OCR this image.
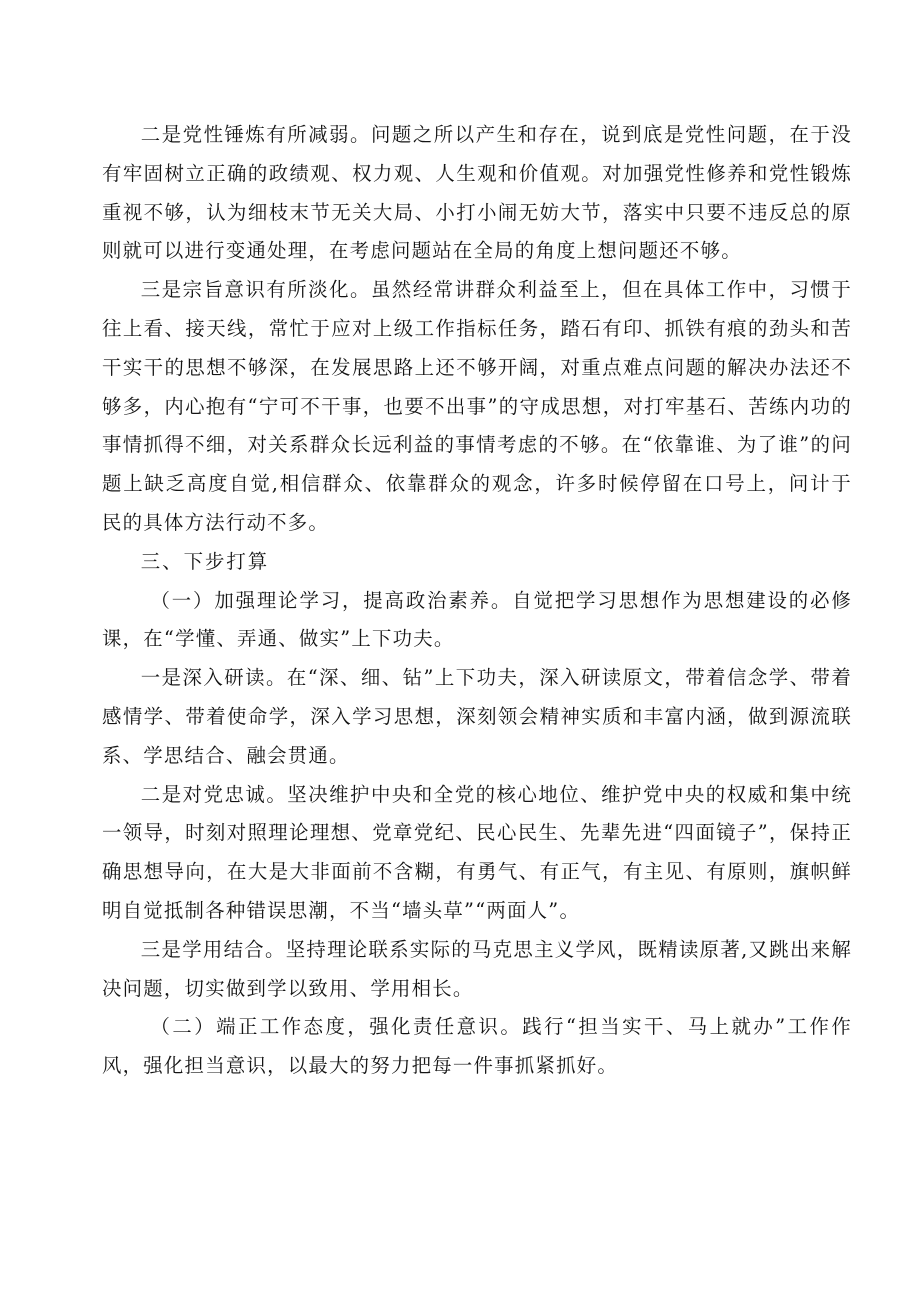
二是党性锤炼有所减弱。问题之所以产生和存在，说到底是党性问题，在于没有牢固树立正确的政绩观、权力观、人生观和价值观。对加强党性修养和党性锻炼重视不够，认为细枝末节无关大局、小打小闹无妨大节，落实中只要不违反总的原则就可以进行变通处理，在考虑问题站在全局的角度上想问题还不够。

三是宗旨意识有所淡化。虽然经常讲群众利益至上，但在具体工作中，习惯于往上看、接天线，常忙于应对上级工作指标任务，踏石有印、抓铁有痕的劲头和苦干实干的思想不够深，在发展思路上还不够开阔，对重点难点问题的解决办法还不够多，内心抱有“宁可不干事，也要不出事”的守成思想，对打牢基石、苦练内功的事情抓得不细，对关系群众长远利益的事情考虑的不够。在“依靠谁、为了谁”的问题上缺乏高度自觉,相信群众、依靠群众的观念，许多时候停留在口号上，问计于民的具体方法行动不多。

三、下步打算

（一）加强理论学习，提高政治素养。自觉把学习思想作为思想建设的必修课，在“学懂、弄通、做实”上下功夫。

一是深入研读。在“深、细、钻”上下功夫，深入研读原文，带着信念学、带着感情学、带着使命学，深入学习思想，深刻领会精神实质和丰富内涵，做到源流联系、学思结合、融会贯通。

二是对党忠诚。坚决维护中央和全党的核心地位、维护党中央的权威和集中统一领导，时刻对照理论理想、党章党纪、民心民生、先辈先进“四面镜子”，保持正确思想导向，在大是大非面前不含糊，有勇气、有正气，有主见、有原则，旗帜鲜明自觉抵制各种错误思潮，不当“墙头草”“两面人”。

三是学用结合。坚持理论联系实际的马克思主义学风，既精读原著,又跳出来解决问题，切实做到学以致用、学用相长。

（二）端正工作态度，强化责任意识。践行“担当实干、马上就办”工作作风，强化担当意识，以最大的努力把每一件事抓紧抓好。
